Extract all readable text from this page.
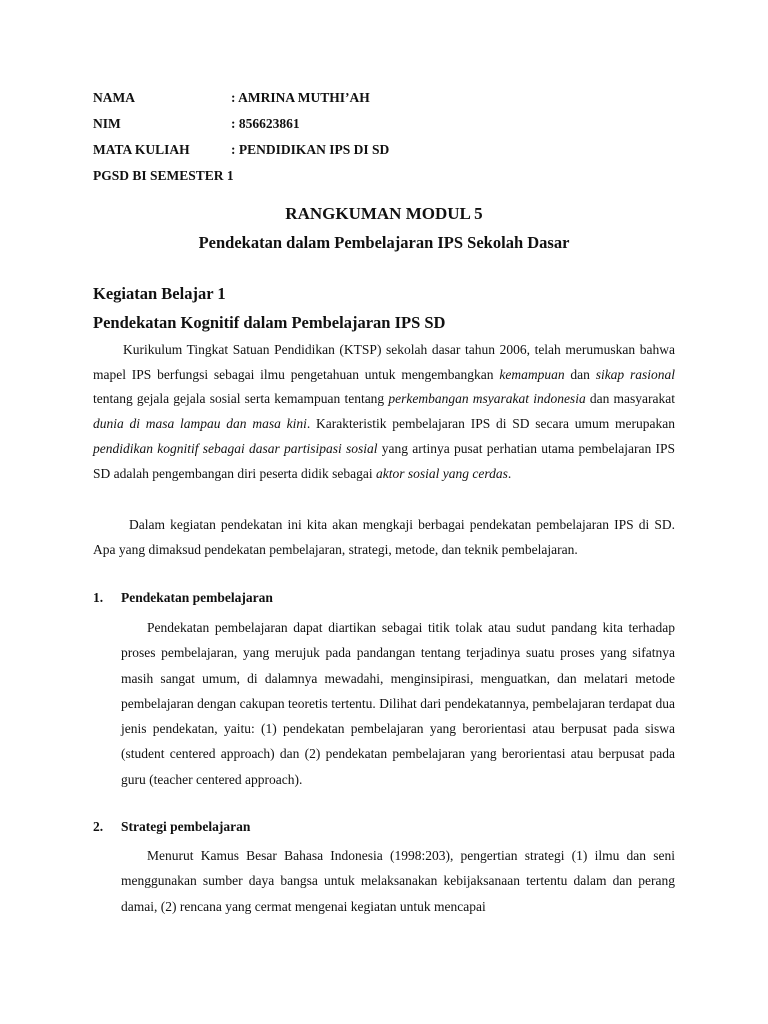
NAMA	: AMRINA MUTHI’AH
NIM	: 856623861
MATA KULIAH	: PENDIDIKAN IPS DI SD
PGSD BI SEMESTER 1
RANGKUMAN MODUL 5
Pendekatan dalam Pembelajaran IPS Sekolah Dasar
Kegiatan Belajar 1
Pendekatan Kognitif dalam Pembelajaran IPS SD
Kurikulum Tingkat Satuan Pendidikan (KTSP) sekolah dasar tahun 2006, telah merumuskan bahwa mapel IPS berfungsi sebagai ilmu pengetahuan untuk mengembangkan kemampuan dan sikap rasional tentang gejala gejala sosial serta kemampuan tentang perkembangan msyarakat indonesia dan masyarakat dunia di masa lampau dan masa kini. Karakteristik pembelajaran IPS di SD secara umum merupakan pendidikan kognitif sebagai dasar partisipasi sosial yang artinya pusat perhatian utama pembelajaran IPS SD adalah pengembangan diri peserta didik sebagai aktor sosial yang cerdas.
Dalam kegiatan pendekatan ini kita akan mengkaji berbagai pendekatan pembelajaran IPS di SD. Apa yang dimaksud pendekatan pembelajaran, strategi, metode, dan teknik pembelajaran.
1. Pendekatan pembelajaran
Pendekatan pembelajaran dapat diartikan sebagai titik tolak atau sudut pandang kita terhadap proses pembelajaran, yang merujuk pada pandangan tentang terjadinya suatu proses yang sifatnya masih sangat umum, di dalamnya mewadahi, menginsipirasi, menguatkan, dan melatari metode pembelajaran dengan cakupan teoretis tertentu. Dilihat dari pendekatannya, pembelajaran terdapat dua jenis pendekatan, yaitu: (1) pendekatan pembelajaran yang berorientasi atau berpusat pada siswa (student centered approach) dan (2) pendekatan pembelajaran yang berorientasi atau berpusat pada guru (teacher centered approach).
2. Strategi pembelajaran
Menurut Kamus Besar Bahasa Indonesia (1998:203), pengertian strategi (1) ilmu dan seni menggunakan sumber daya bangsa untuk melaksanakan kebijaksanaan tertentu dalam dan perang damai, (2) rencana yang cermat mengenai kegiatan untuk mencapai
